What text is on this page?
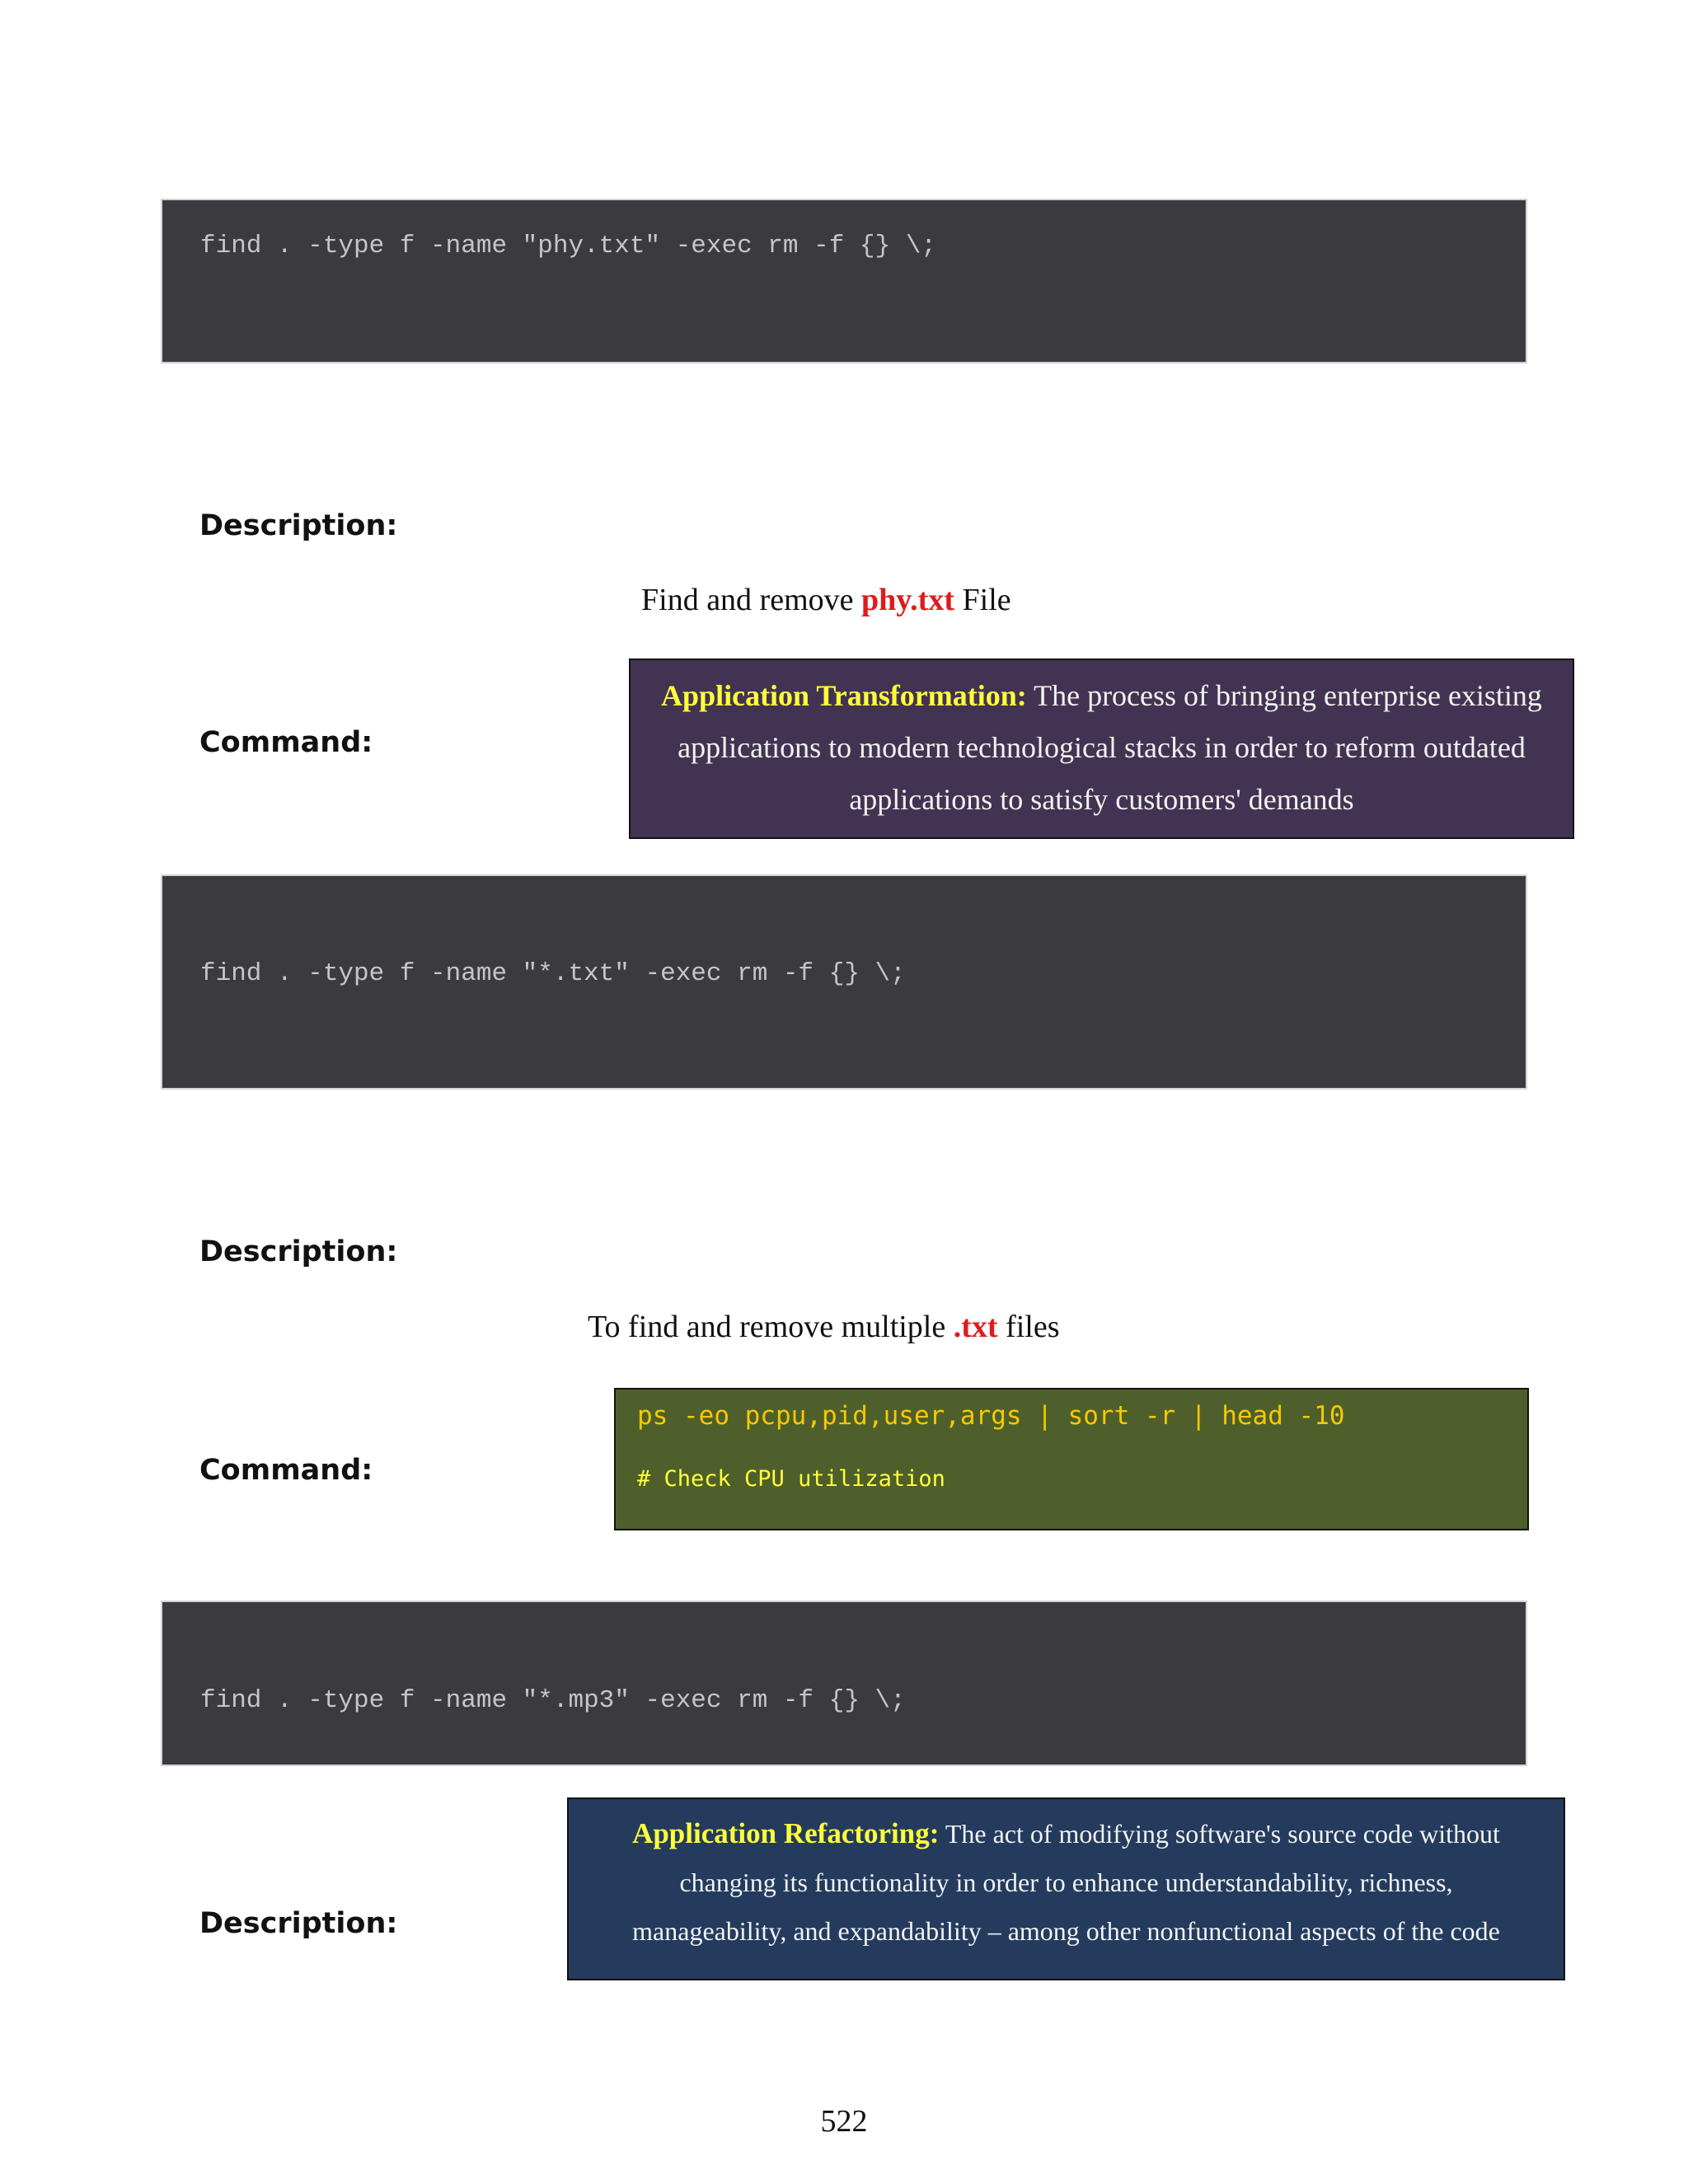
find . -type f -name "phy.txt" -exec rm -f {} \;
Description:
Find and remove phy.txt File
Application Transformation: The process of bringing enterprise existing
applications to modern technological stacks in order to reform outdated
applications to satisfy customers' demands
Command:
find . -type f -name "*.txt" -exec rm -f {} \;
Description:
To find and remove multiple .txt files
ps -eo pcpu,pid,user,args | sort -r | head -10
# Check CPU utilization
Command:
find . -type f -name "*.mp3" -exec rm -f {} \;
Application Refactoring: The act of modifying software's source code without
changing its functionality in order to enhance understandability, richness,
manageability, and expandability – among other nonfunctional aspects of the code
Description:
522
